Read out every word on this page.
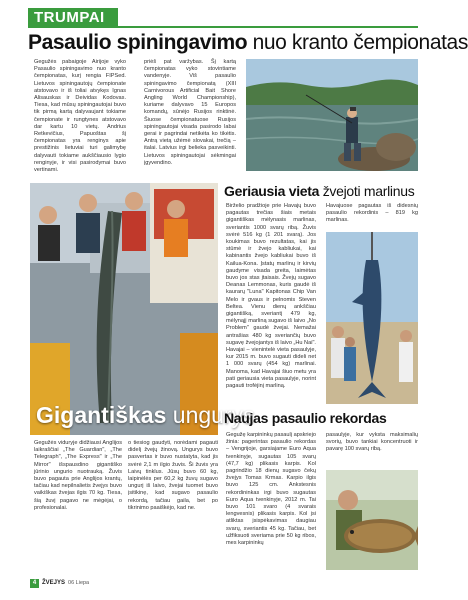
TRUMPAI
Pasaulio spiningavimo nuo kranto čempionatas

Gegužės pabaigoje Airijoje vyko Pasaulio spiningavimo nuo kranto čempionatas, kurį rengia FIPSed. Lietuvos spiningautojų čempionate atstovavo ir iš toliai atvykęs Ignas Alisauskas ir Deividas Kodovas. Tiesa, kad mūsų spiningautojai buvo tik pirmą kartą dalyvaujant tokiame čempionate ir rungtynes atstovavo dar kartu 10 vietų. Andrius Retkevičius, Papuoštas šį čempionatas yra renginys apie prestižinis lietuviai turi galimybę dalyvauti tokiame aukščiausio lygio renginyje, ir visi pasirodymai buvo vertinami.

priėš pat varžybas. Šį kartą čempionatas vyko stovintiame vandenyje. Viš pasaulio spiningavimo čempionatą (XIII Carnivorous Artificial Bait Shore Angling World Championship), kuriame dalyvavo 15 Europos komandų, sūnėjo Rusijos rinktinė. Šiuose čempionatuose Rusijos spiningautojai visada pasirodo labai gerai ir pagrindai netikėta ko tikėtis. Antrą vietą užėmė slovakai, trečią – italai. Latvius irgi belieka pasveikinti. Lietuvos spiningautojai sėkmingai įgyvendino.

Gigantiškas ungurys
Geriausia vieta žvejoti marlinus

Birželio pradžioje prie Havajų buvo pagautas trečias šiais metais gigantiškas mėlynasis marlinas, sveriantis 1000 svarų ribą. Žuvis svėrė 516 kg (1 201 svarą). Jos koukimas buvo rezultatas, kai jis stūmė ir žvejo kabliukai, kai kabinantis žvejo kabliukai buvo iš Kailua-Kona. Įstatų marlinų ir kirvių gaudyme visada greita, laimėtas buvo jos stas įtaisais. Žvejų sugavo Deanas Lemmonas, kuris gaudė iš kaurarų "Luna" Kapitonas Chip Van Melo ir gvaus ir pelnomis Steven Beltea. Vienu dienų ankščiau gigantišką, sveriantį 479 kg, mėlynąjį marliną sugavo iš laivo „No Problem" gaudė žvejai. Nemažai antrašias 480 kg sveriančių buvo sugavę žvejojantys iš laivo „Hu Nai". Havajai – vienintelė vieta pasaulyje, kur 2015 m. buvo sugauti dideli net 1 000 svarų (454 kg) marlinai. Manoma, kad Havajai šiuo metu yra pati geriausia vieta pasaulyje, norint pagauti trofėjinį marliną.

Havajuose pagautas iš didesnių pasaulio rekordinis – 819 kg marlinas.

Naujas pasaulio rekordas

Gegužę karpininkų pasaulį apskriejo žinia: pagerintas pasaulio rekordas – Vengrijoje, garsiajame Euro Aqua tvenkinyje, sugautas 105 svarų (47,7 kg) plikasis karpis. Kol pagrindžio 18 dienų sugavo čekų žvejys Tomas Krmas. Karpio ilgis buvo 125 cm. Ankstesnis rekordininkas irgi buvo sugautas Euro Aqua tvenkinyje, 2012 m. Tai buvo 101 svaro (4 svarais lengvesnis) plikasis karpis. Kol įsi atliktas įsispėkavimas daugiau svarų, sveriantis 45 kg. Tačiau, bet užfiksuoti sveriama prie 50 kg ribos, mes karpininkų

pasaulyje, kur vyksta maksimalių svorių, buvo tankiai koncentruoti ir pavarę 100 svarų ribą.

Gegužės viduryje didžiausi Anglijos laikraščiai „The Guardian", „The Telegraph", „The Express" ir „The Mirror" išspausdino gigantiško jūrinio ungurio nuotrauką. Žuvis buvo pagauta prie Anglijos krantų, tačiau kad nepilnalietis žvejys buvo vaikiškas žvejas ilgis 70 kg. Tiesa, šią žuvį pagavo ne mėgėjai, o profesionalai.

o tiesiog gaudyti, norėdami pagauti didelį žvejų žinovą. Ungurys buvo pasvertas ir buvo nustatyta, kad jis svėrė 2,1 m ilgio žuvis. Ši žuvis yra Laivų tinklus. Jūsų buvo 60 kg, laipinėlės per 60,2 kg žuvų sugavo ungurį iš laivo, žvejai tuomet buvo įsitikinę, kad sugavo pasaulio rekordą, tačiau gaila, bet po tikrinimo paaiškėjo, kad ne.

4 ŽVEJYS 06 Liepa
